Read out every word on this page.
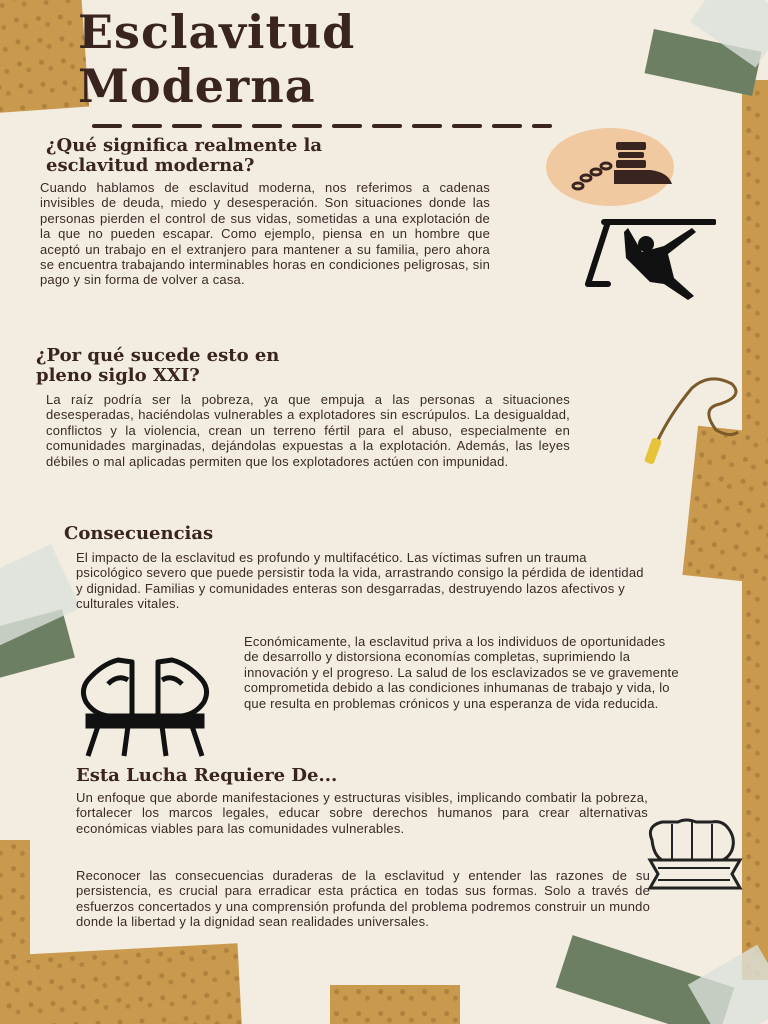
Esclavitud
Moderna
¿Qué significa realmente la
esclavitud moderna?

Cuando hablamos de esclavitud moderna, nos referimos a cadenas invisibles de deuda, miedo y desesperación. Son situaciones donde las personas pierden el control de sus vidas, sometidas a una explotación de la que no pueden escapar. Como ejemplo, piensa en un hombre que aceptó un trabajo en el extranjero para mantener a su familia, pero ahora se encuentra trabajando interminables horas en condiciones peligrosas, sin pago y sin forma de volver a casa.

¿Por qué sucede esto en
pleno siglo XXI?

La raíz podría ser la pobreza, ya que empuja a las personas a situaciones desesperadas, haciéndolas vulnerables a explotadores sin escrúpulos. La desigualdad, conflictos y la violencia, crean un terreno fértil para el abuso, especialmente en comunidades marginadas, dejándolas expuestas a la explotación. Además, las leyes débiles o mal aplicadas permiten que los explotadores actúen con impunidad.

Consecuencias

El impacto de la esclavitud es profundo y multifacético. Las víctimas sufren un trauma psicológico severo que puede persistir toda la vida, arrastrando consigo la pérdida de identidad y dignidad. Familias y comunidades enteras son desgarradas, destruyendo lazos afectivos y culturales vitales.

Económicamente, la esclavitud priva a los individuos de oportunidades de desarrollo y distorsiona economías completas, suprimiendo la innovación y el progreso. La salud de los esclavizados se ve gravemente comprometida debido a las condiciones inhumanas de trabajo y vida, lo que resulta en problemas crónicos y una esperanza de vida reducida.

Esta Lucha Requiere De...

Un enfoque que aborde manifestaciones y estructuras visibles, implicando combatir la pobreza, fortalecer los marcos legales, educar sobre derechos humanos para crear alternativas económicas viables para las comunidades vulnerables.

Reconocer las consecuencias duraderas de la esclavitud y entender las razones de su persistencia, es crucial para erradicar esta práctica en todas sus formas. Solo a través de esfuerzos concertados y una comprensión profunda del problema podremos construir un mundo donde la libertad y la dignidad sean realidades universales.
